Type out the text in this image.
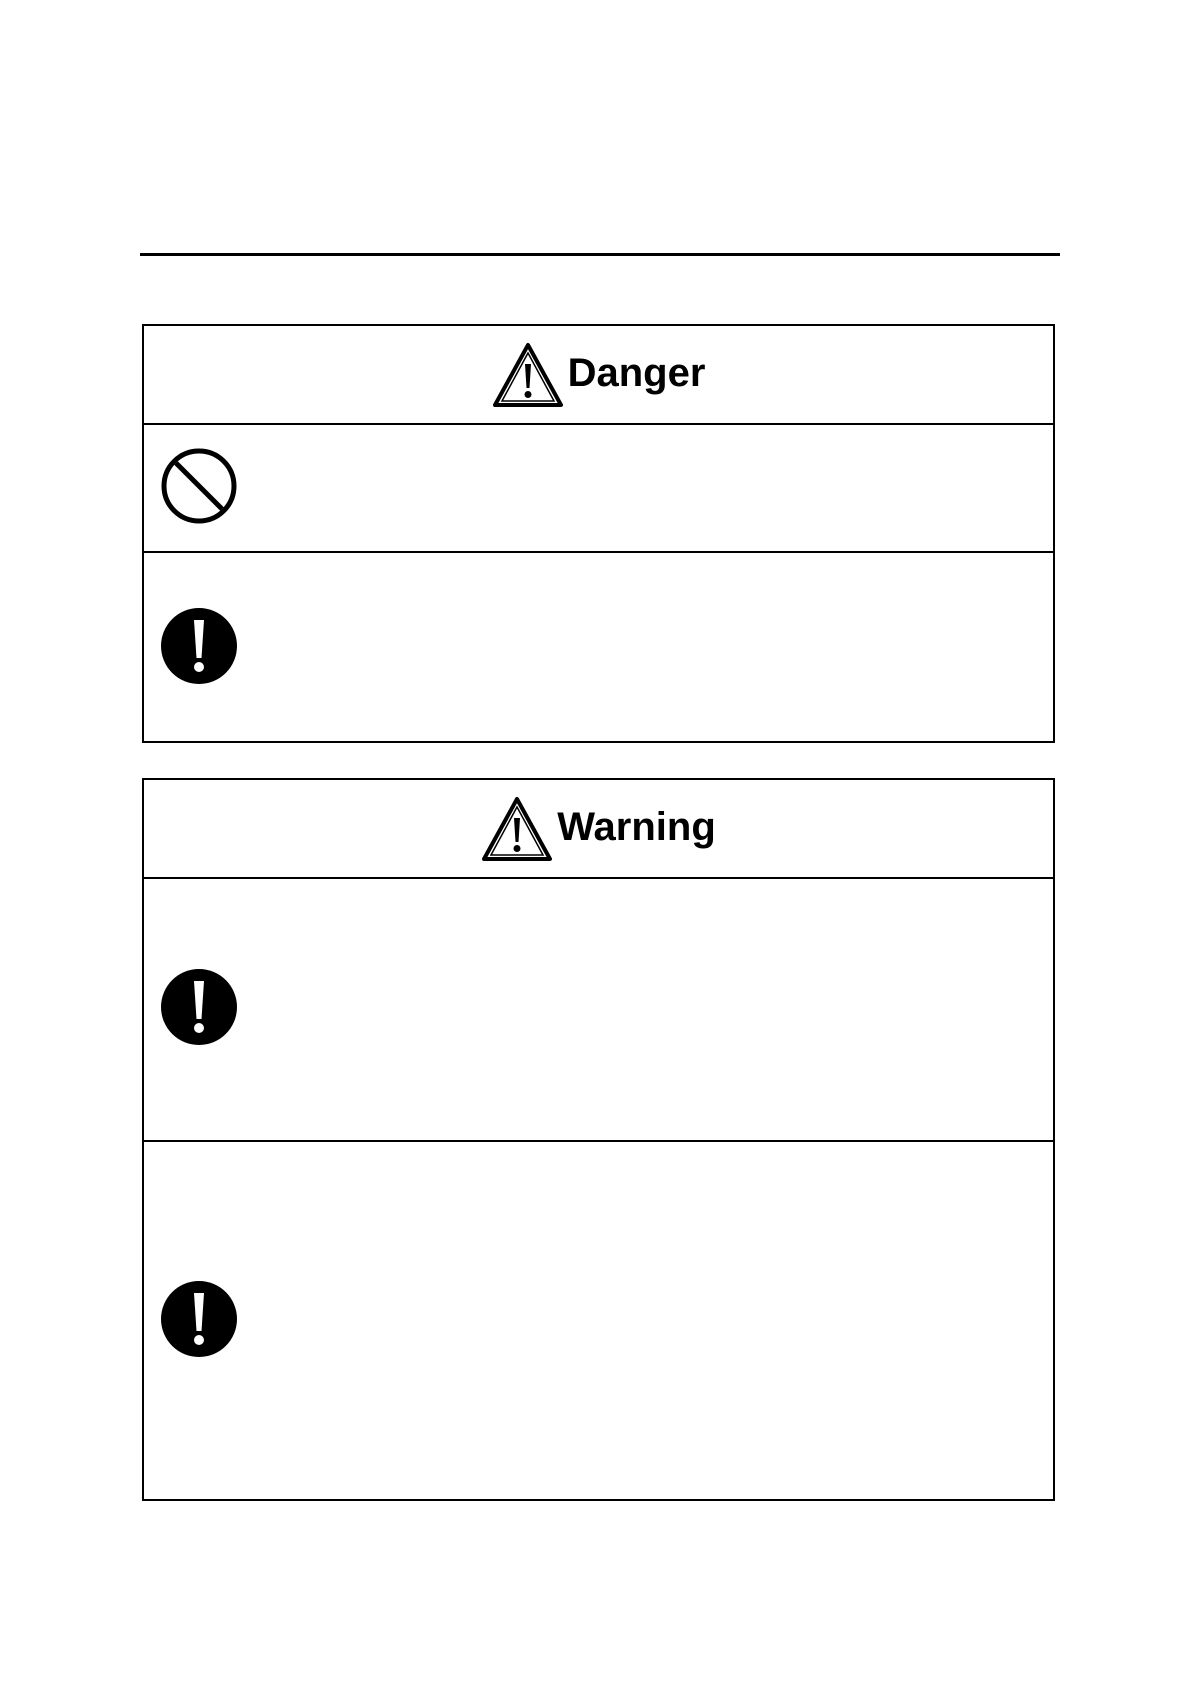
Danger
Warning
